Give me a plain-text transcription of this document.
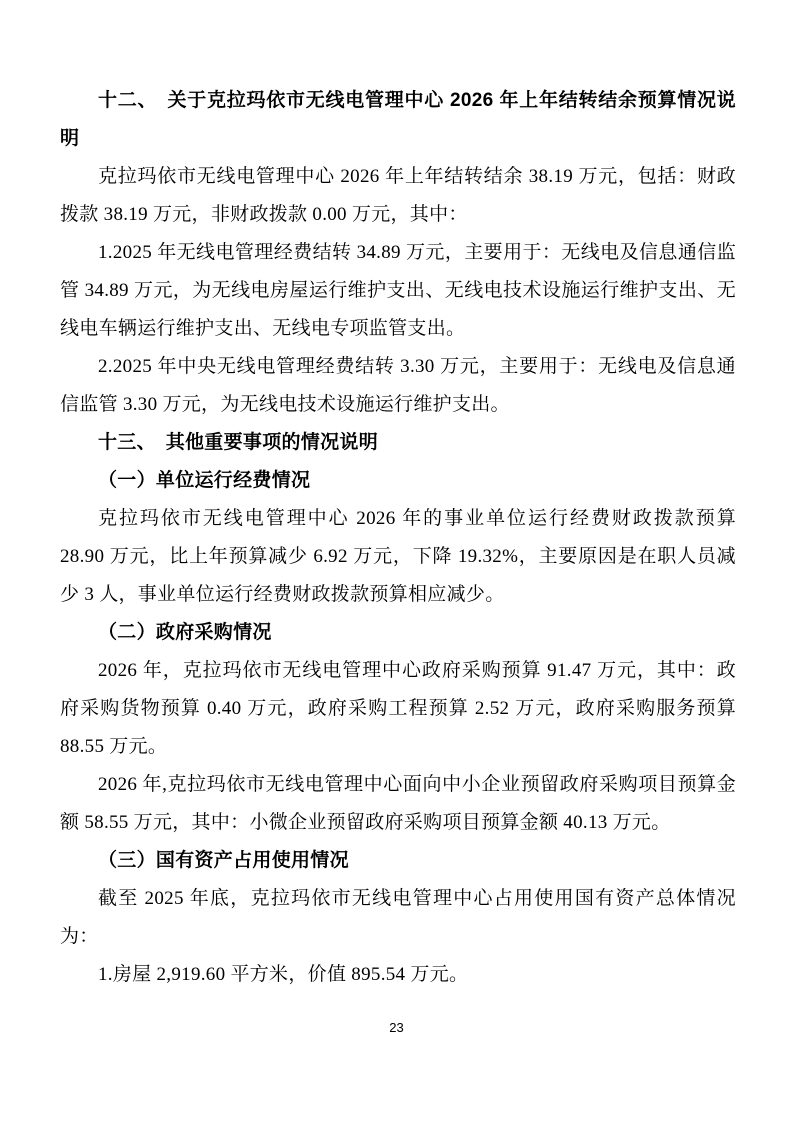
十二、　关于克拉玛依市无线电管理中心 2026 年上年结转结余预算情况说明

克拉玛依市无线电管理中心 2026 年上年结转结余 38.19 万元，包括：财政拨款 38.19 万元，非财政拨款 0.00 万元，其中：

1.2025 年无线电管理经费结转 34.89 万元，主要用于：无线电及信息通信监管 34.89 万元，为无线电房屋运行维护支出、无线电技术设施运行维护支出、无线电车辆运行维护支出、无线电专项监管支出。

2.2025 年中央无线电管理经费结转 3.30 万元，主要用于：无线电及信息通信监管 3.30 万元，为无线电技术设施运行维护支出。

十三、　其他重要事项的情况说明
（一）单位运行经费情况

克拉玛依市无线电管理中心 2026 年的事业单位运行经费财政拨款预算 28.90 万元，比上年预算减少 6.92 万元，下降 19.32%，主要原因是在职人员减少 3 人，事业单位运行经费财政拨款预算相应减少。

（二）政府采购情况

2026 年，克拉玛依市无线电管理中心政府采购预算 91.47 万元，其中：政府采购货物预算 0.40 万元，政府采购工程预算 2.52 万元，政府采购服务预算 88.55 万元。

2026 年,克拉玛依市无线电管理中心面向中小企业预留政府采购项目预算金额 58.55 万元，其中：小微企业预留政府采购项目预算金额 40.13 万元。

（三）国有资产占用使用情况

截至 2025 年底，克拉玛依市无线电管理中心占用使用国有资产总体情况为：

1.房屋 2,919.60 平方米，价值 895.54 万元。

23
